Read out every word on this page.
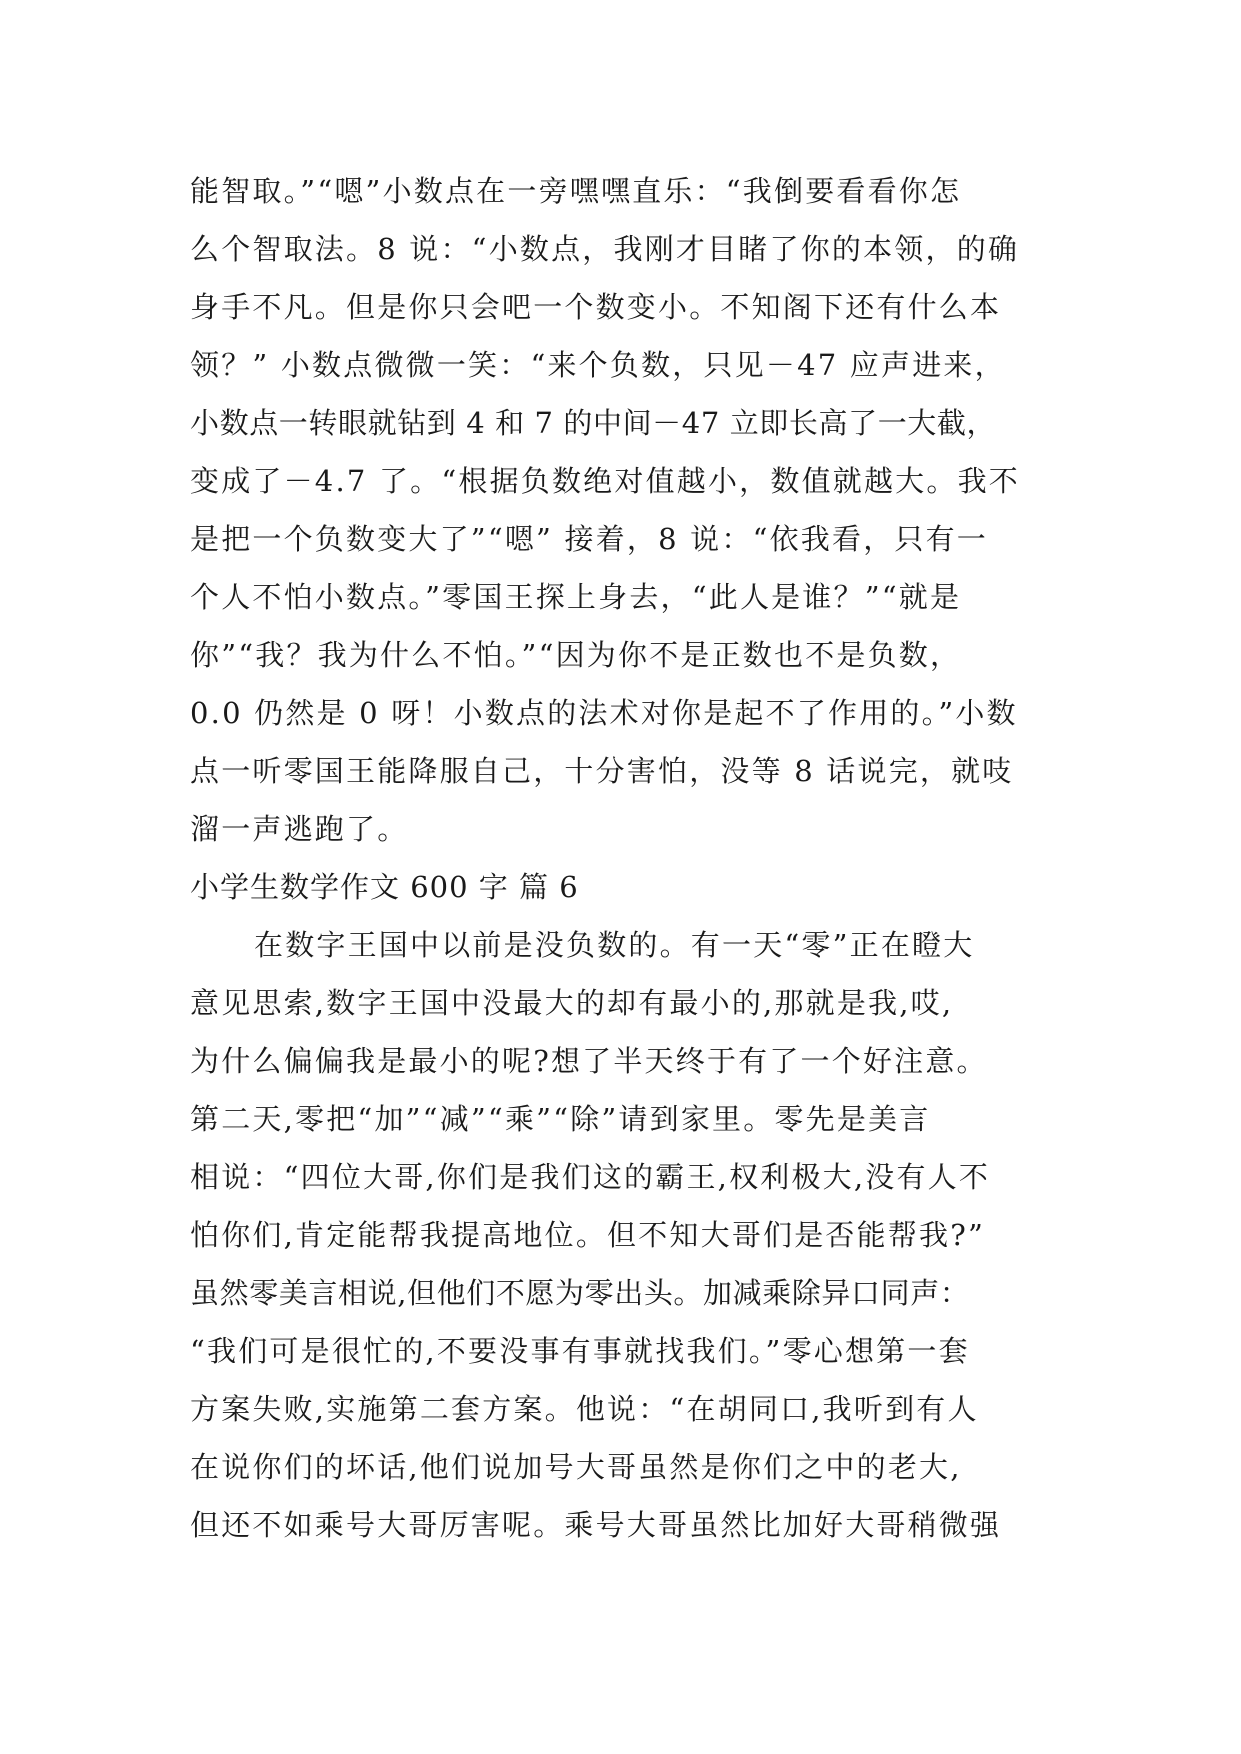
能智取。”“嗯”小数点在一旁嘿嘿直乐：“我倒要看看你怎
么个智取法。8 说：“小数点，我刚才目睹了你的本领，的确
身手不凡。但是你只会吧一个数变小。不知阁下还有什么本
领？” 小数点微微一笑：“来个负数，只见－47 应声进来，
小数点一转眼就钻到 4 和 7 的中间－47 立即长高了一大截，
变成了－4.7 了。“根据负数绝对值越小，数值就越大。我不
是把一个负数变大了”“嗯” 接着，8 说：“依我看，只有一
个人不怕小数点。”零国王探上身去，“此人是谁？”“就是
你”“我？我为什么不怕。”“因为你不是正数也不是负数，
0.0 仍然是 0 呀！小数点的法术对你是起不了作用的。”小数
点一听零国王能降服自己，十分害怕，没等 8 话说完，就吱
溜一声逃跑了。
小学生数学作文 600 字 篇 6
在数字王国中以前是没负数的。有一天“零”正在瞪大
意见思索,数字王国中没最大的却有最小的,那就是我,哎,
为什么偏偏我是最小的呢?想了半天终于有了一个好注意。
第二天,零把“加”“减”“乘”“除”请到家里。零先是美言
相说：“四位大哥,你们是我们这的霸王,权利极大,没有人不
怕你们,肯定能帮我提高地位。但不知大哥们是否能帮我?”
虽然零美言相说,但他们不愿为零出头。加减乘除异口同声：
“我们可是很忙的,不要没事有事就找我们。”零心想第一套
方案失败,实施第二套方案。他说：“在胡同口,我听到有人
在说你们的坏话,他们说加号大哥虽然是你们之中的老大,
但还不如乘号大哥厉害呢。乘号大哥虽然比加好大哥稍微强
